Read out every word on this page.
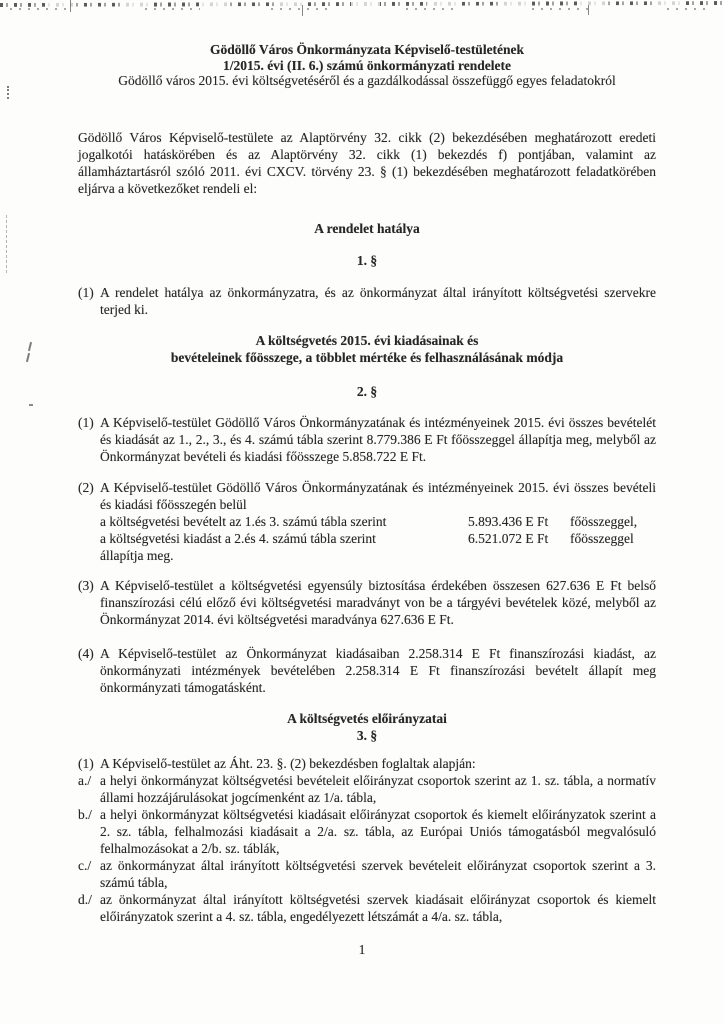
Gödöllő Város Önkormányzata Képviselő-testületének
1/2015. évi (II. 6.) számú önkormányzati rendelete
Gödöllő város 2015. évi költségvetéséről és a gazdálkodással összefüggő egyes feladatokról
Gödöllő Város Képviselő-testülete az Alaptörvény 32. cikk (2) bekezdésében meghatározott eredeti jogalkotói hatáskörében és az Alaptörvény 32. cikk (1) bekezdés f) pontjában, valamint az államháztartásról szóló 2011. évi CXCV. törvény 23. § (1) bekezdésében meghatározott feladatkörében eljárva a következőket rendeli el:
A rendelet hatálya
1. §
(1) A rendelet hatálya az önkormányzatra, és az önkormányzat által irányított költségvetési szervekre terjed ki.
A költségvetés 2015. évi kiadásainak és
bevételeinek főösszege, a többlet mértéke és felhasználásának módja
2. §
(1) A Képviselő-testület Gödöllő Város Önkormányzatának és intézményeinek 2015. évi összes bevételét és kiadását az 1., 2., 3., és 4. számú tábla szerint 8.779.386 E Ft főösszeggel állapítja meg, melyből az Önkormányzat bevételi és kiadási főösszege 5.858.722 E Ft.
(2) A Képviselő-testület Gödöllő Város Önkormányzatának és intézményeinek 2015. évi összes bevételi és kiadási főösszegén belül
a költségvetési bevételt az 1.és 3. számú tábla szerint	5.893.436 E Ft	főösszeggel,
a költségvetési kiadást a 2.és 4. számú tábla szerint	6.521.072 E Ft	főösszeggel
állapítja meg.
(3) A Képviselő-testület a költségvetési egyensúly biztosítása érdekében összesen 627.636 E Ft belső finanszírozási célú előző évi költségvetési maradványt von be a tárgyévi bevételek közé, melyből az Önkormányzat 2014. évi költségvetési maradványa 627.636 E Ft.
(4) A Képviselő-testület az Önkormányzat kiadásaiban 2.258.314 E Ft finanszírozási kiadást, az önkormányzati intézmények bevételében 2.258.314 E Ft finanszírozási bevételt állapít meg önkormányzati támogatásként.
A költségvetés előirányzatai
3. §
(1) A Képviselő-testület az Áht. 23. §. (2) bekezdésben foglaltak alapján:
a./ a helyi önkormányzat költségvetési bevételeit előirányzat csoportok szerint az 1. sz. tábla, a normatív állami hozzájárulásokat jogcímenként az 1/a. tábla,
b./ a helyi önkormányzat költségvetési kiadásait előirányzat csoportok és kiemelt előirányzatok szerint a 2. sz. tábla, felhalmozási kiadásait a 2/a. sz. tábla, az Európai Uniós támogatásból megvalósuló felhalmozásokat a 2/b. sz. táblák,
c./ az önkormányzat által irányított költségvetési szervek bevételeit előirányzat csoportok szerint a 3. számú tábla,
d./ az önkormányzat által irányított költségvetési szervek kiadásait előirányzat csoportok és kiemelt előirányzatok szerint a 4. sz. tábla, engedélyezett létszámát a 4/a. sz. tábla,
1
